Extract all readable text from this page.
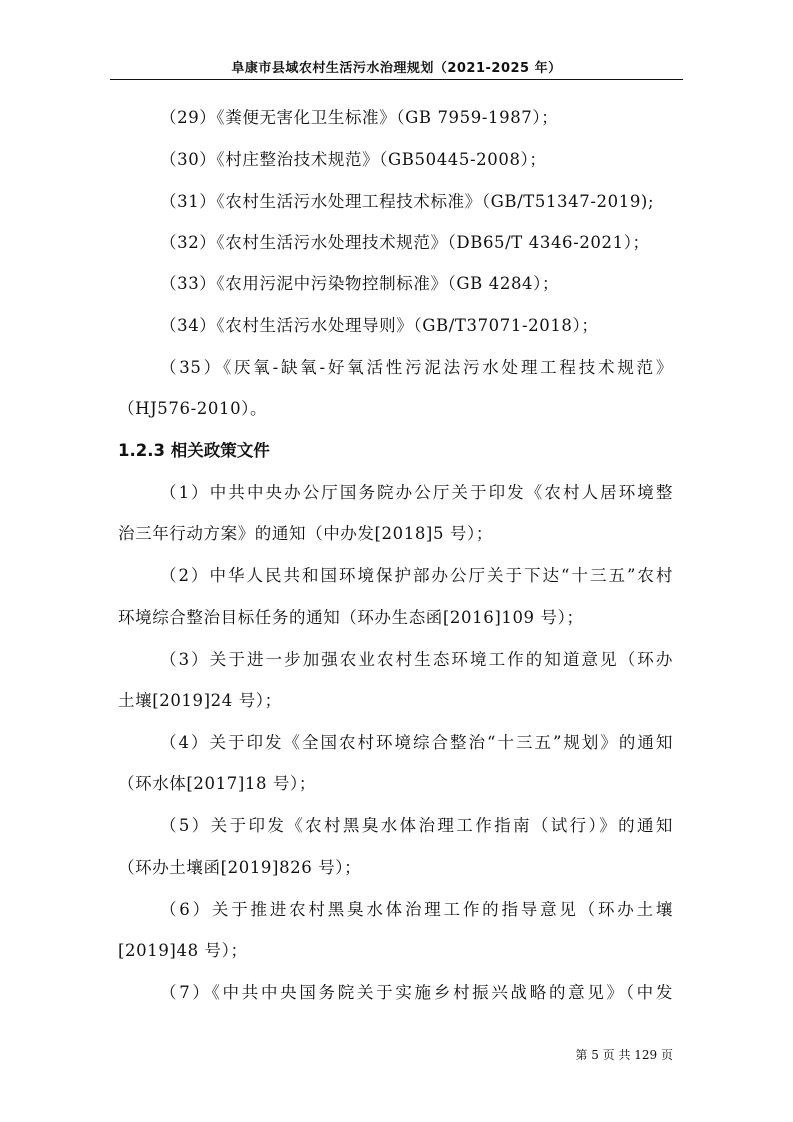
阜康市县域农村生活污水治理规划（2021-2025 年）
（29）《粪便无害化卫生标准》（GB 7959-1987）；
（30）《村庄整治技术规范》（GB50445-2008）；
（31）《农村生活污水处理工程技术标准》（GB/T51347-2019);
（32）《农村生活污水处理技术规范》（DB65/T 4346-2021）；
（33）《农用污泥中污染物控制标准》（GB 4284）；
（34）《农村生活污水处理导则》（GB/T37071-2018）；
（35）《厌氧-缺氧-好氧活性污泥法污水处理工程技术规范》
（HJ576-2010）。
1.2.3 相关政策文件
（1）中共中央办公厅国务院办公厅关于印发《农村人居环境整
治三年行动方案》的通知（中办发[2018]5 号）；
（2）中华人民共和国环境保护部办公厅关于下达“十三五”农村
环境综合整治目标任务的通知（环办生态函[2016]109 号）；
（3）关于进一步加强农业农村生态环境工作的知道意见（环办
土壤[2019]24 号）；
（4）关于印发《全国农村环境综合整治“十三五”规划》的通知
（环水体[2017]18 号）；
（5）关于印发《农村黑臭水体治理工作指南（试行）》的通知
（环办土壤函[2019]826 号）；
（6）关于推进农村黑臭水体治理工作的指导意见（环办土壤
[2019]48 号）；
（7）《中共中央国务院关于实施乡村振兴战略的意见》（中发
第 5 页 共 129 页
